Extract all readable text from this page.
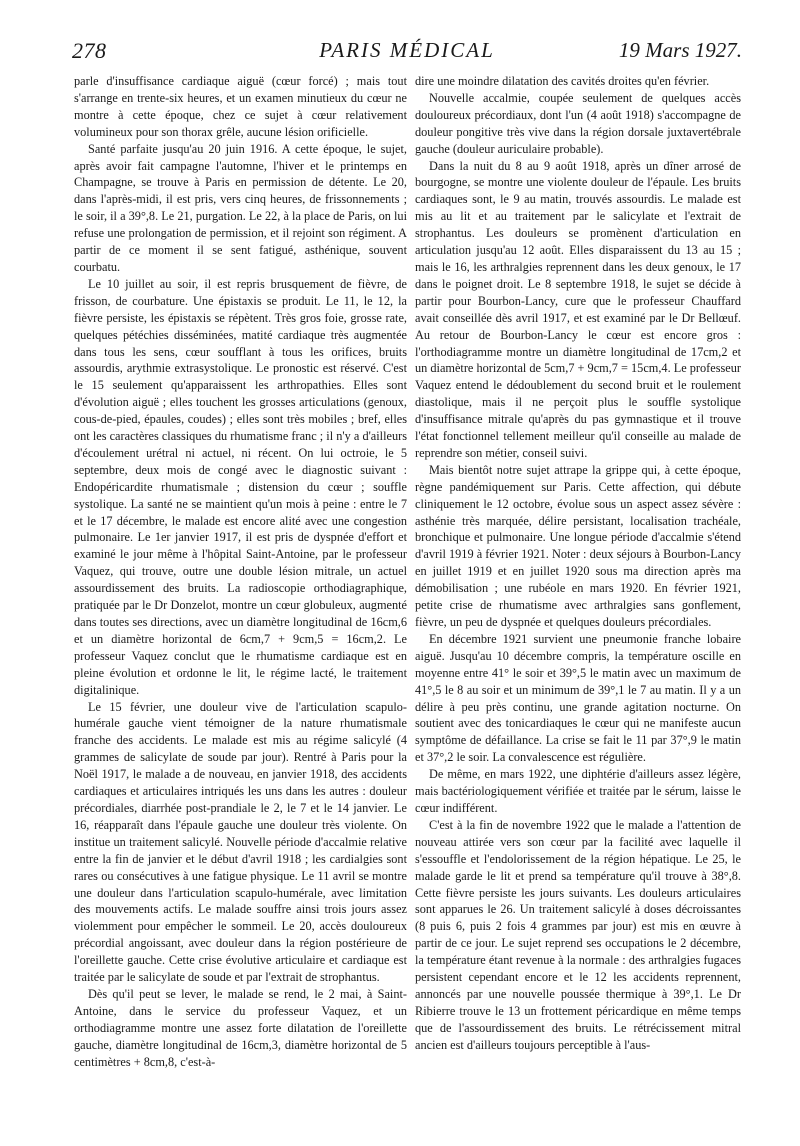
278	PARIS MÉDICAL	19 Mars 1927.

parle d'insuffisance cardiaque aiguë (cœur forcé) ; mais tout s'arrange en trente-six heures, et un examen minutieux du cœur ne montre à cette époque, chez ce sujet à cœur relativement volumineux pour son thorax grêle, aucune lésion orificielle.

Santé parfaite jusqu'au 20 juin 1916. A cette époque, le sujet, après avoir fait campagne l'automne, l'hiver et le printemps en Champagne, se trouve à Paris en permission de détente. Le 20, dans l'après-midi, il est pris, vers cinq heures, de frissonnements ; le soir, il a 39°,8. Le 21, purgation. Le 22, à la place de Paris, on lui refuse une prolongation de permission, et il rejoint son régiment. A partir de ce moment il se sent fatigué, asthénique, souvent courbatu.

Le 10 juillet au soir, il est repris brusquement de fièvre, de frisson, de courbature. Une épistaxis se produit. Le 11, le 12, la fièvre persiste, les épistaxis se répètent. Très gros foie, grosse rate, quelques pétéchies disséminées, matité cardiaque très augmentée dans tous les sens, cœur soufflant à tous les orifices, bruits assourdis, arythmie extrasystolique. Le pronostic est réservé. C'est le 15 seulement qu'apparaissent les arthropathies. Elles sont d'évolution aiguë ; elles touchent les grosses articulations (genoux, cous-de-pied, épaules, coudes) ; elles sont très mobiles ; bref, elles ont les caractères classiques du rhumatisme franc ; il n'y a d'ailleurs d'écoulement urétral ni actuel, ni récent. On lui octroie, le 5 septembre, deux mois de congé avec le diagnostic suivant : Endopéricardite rhumatismale ; distension du cœur ; souffle systolique. La santé ne se maintient qu'un mois à peine : entre le 7 et le 17 décembre, le malade est encore alité avec une congestion pulmonaire. Le 1er janvier 1917, il est pris de dyspnée d'effort et examiné le jour même à l'hôpital Saint-Antoine, par le professeur Vaquez, qui trouve, outre une double lésion mitrale, un actuel assourdissement des bruits. La radioscopie orthodiagraphique, pratiquée par le Dr Donzelot, montre un cœur globuleux, augmenté dans toutes ses directions, avec un diamètre longitudinal de 16cm,6 et un diamètre horizontal de 6cm,7 + 9cm,5 = 16cm,2. Le professeur Vaquez conclut que le rhumatisme cardiaque est en pleine évolution et ordonne le lit, le régime lacté, le traitement digitalinique.

Le 15 février, une douleur vive de l'articulation scapulo-humérale gauche vient témoigner de la nature rhumatismale franche des accidents. Le malade est mis au régime salicylé (4 grammes de salicylate de soude par jour). Rentré à Paris pour la Noël 1917, le malade a de nouveau, en janvier 1918, des accidents cardiaques et articulaires intriqués les uns dans les autres : douleur précordiales, diarrhée post-prandiale le 2, le 7 et le 14 janvier. Le 16, réapparaît dans l'épaule gauche une douleur très violente. On institue un traitement salicylé. Nouvelle période d'accalmie relative entre la fin de janvier et le début d'avril 1918 ; les cardialgies sont rares ou consécutives à une fatigue physique. Le 11 avril se montre une douleur dans l'articulation scapulo-humérale, avec limitation des mouvements actifs. Le malade souffre ainsi trois jours assez violemment pour empêcher le sommeil. Le 20, accès douloureux précordial angoissant, avec douleur dans la région postérieure de l'oreillette gauche. Cette crise évolutive articulaire et cardiaque est traitée par le salicylate de soude et par l'extrait de strophantus.

Dès qu'il peut se lever, le malade se rend, le 2 mai, à Saint-Antoine, dans le service du professeur Vaquez, et un orthodiagramme montre une assez forte dilatation de l'oreillette gauche, diamètre longitudinal de 16cm,3, diamètre horizontal de 5 centimètres + 8cm,8, c'est-à-

dire une moindre dilatation des cavités droites qu'en février.

Nouvelle accalmie, coupée seulement de quelques accès douloureux précordiaux, dont l'un (4 août 1918) s'accompagne de douleur pongitive très vive dans la région dorsale juxtavertébrale gauche (douleur auriculaire probable).

Dans la nuit du 8 au 9 août 1918, après un dîner arrosé de bourgogne, se montre une violente douleur de l'épaule. Les bruits cardiaques sont, le 9 au matin, trouvés assourdis. Le malade est mis au lit et au traitement par le salicylate et l'extrait de strophantus. Les douleurs se promènent d'articulation en articulation jusqu'au 12 août. Elles disparaissent du 13 au 15 ; mais le 16, les arthralgies reprennent dans les deux genoux, le 17 dans le poignet droit. Le 8 septembre 1918, le sujet se décide à partir pour Bourbon-Lancy, cure que le professeur Chauffard avait conseillée dès avril 1917, et est examiné par le Dr Bellœuf. Au retour de Bourbon-Lancy le cœur est encore gros : l'orthodiagramme montre un diamètre longitudinal de 17cm,2 et un diamètre horizontal de 5cm,7 + 9cm,7 = 15cm,4. Le professeur Vaquez entend le dédoublement du second bruit et le roulement diastolique, mais il ne perçoit plus le souffle systolique d'insuffisance mitrale qu'après du pas gymnastique et il trouve l'état fonctionnel tellement meilleur qu'il conseille au malade de reprendre son métier, conseil suivi.

Mais bientôt notre sujet attrape la grippe qui, à cette époque, règne pandémiquement sur Paris. Cette affection, qui débute cliniquement le 12 octobre, évolue sous un aspect assez sévère : asthénie très marquée, délire persistant, localisation trachéale, bronchique et pulmonaire. Une longue période d'accalmie s'étend d'avril 1919 à février 1921. Noter : deux séjours à Bourbon-Lancy en juillet 1919 et en juillet 1920 sous ma direction après ma démobilisation ; une rubéole en mars 1920. En février 1921, petite crise de rhumatisme avec arthralgies sans gonflement, fièvre, un peu de dyspnée et quelques douleurs précordiales.

En décembre 1921 survient une pneumonie franche lobaire aiguë. Jusqu'au 10 décembre compris, la température oscille en moyenne entre 41° le soir et 39°,5 le matin avec un maximum de 41°,5 le 8 au soir et un minimum de 39°,1 le 7 au matin. Il y a un délire à peu près continu, une grande agitation nocturne. On soutient avec des tonicardiaques le cœur qui ne manifeste aucun symptôme de défaillance. La crise se fait le 11 par 37°,9 le matin et 37°,2 le soir. La convalescence est régulière.

De même, en mars 1922, une diphtérie d'ailleurs assez légère, mais bactériologiquement vérifiée et traitée par le sérum, laisse le cœur indifférent.

C'est à la fin de novembre 1922 que le malade a l'attention de nouveau attirée vers son cœur par la facilité avec laquelle il s'essouffle et l'endolorissement de la région hépatique. Le 25, le malade garde le lit et prend sa température qu'il trouve à 38°,8. Cette fièvre persiste les jours suivants. Les douleurs articulaires sont apparues le 26. Un traitement salicylé à doses décroissantes (8 puis 6, puis 2 fois 4 grammes par jour) est mis en œuvre à partir de ce jour. Le sujet reprend ses occupations le 2 décembre, la température étant revenue à la normale : des arthralgies fugaces persistent cependant encore et le 12 les accidents reprennent, annoncés par une nouvelle poussée thermique à 39°,1. Le Dr Ribierre trouve le 13 un frottement péricardique en même temps que de l'assourdissement des bruits. Le rétrécissement mitral ancien est d'ailleurs toujours perceptible à l'aus-
